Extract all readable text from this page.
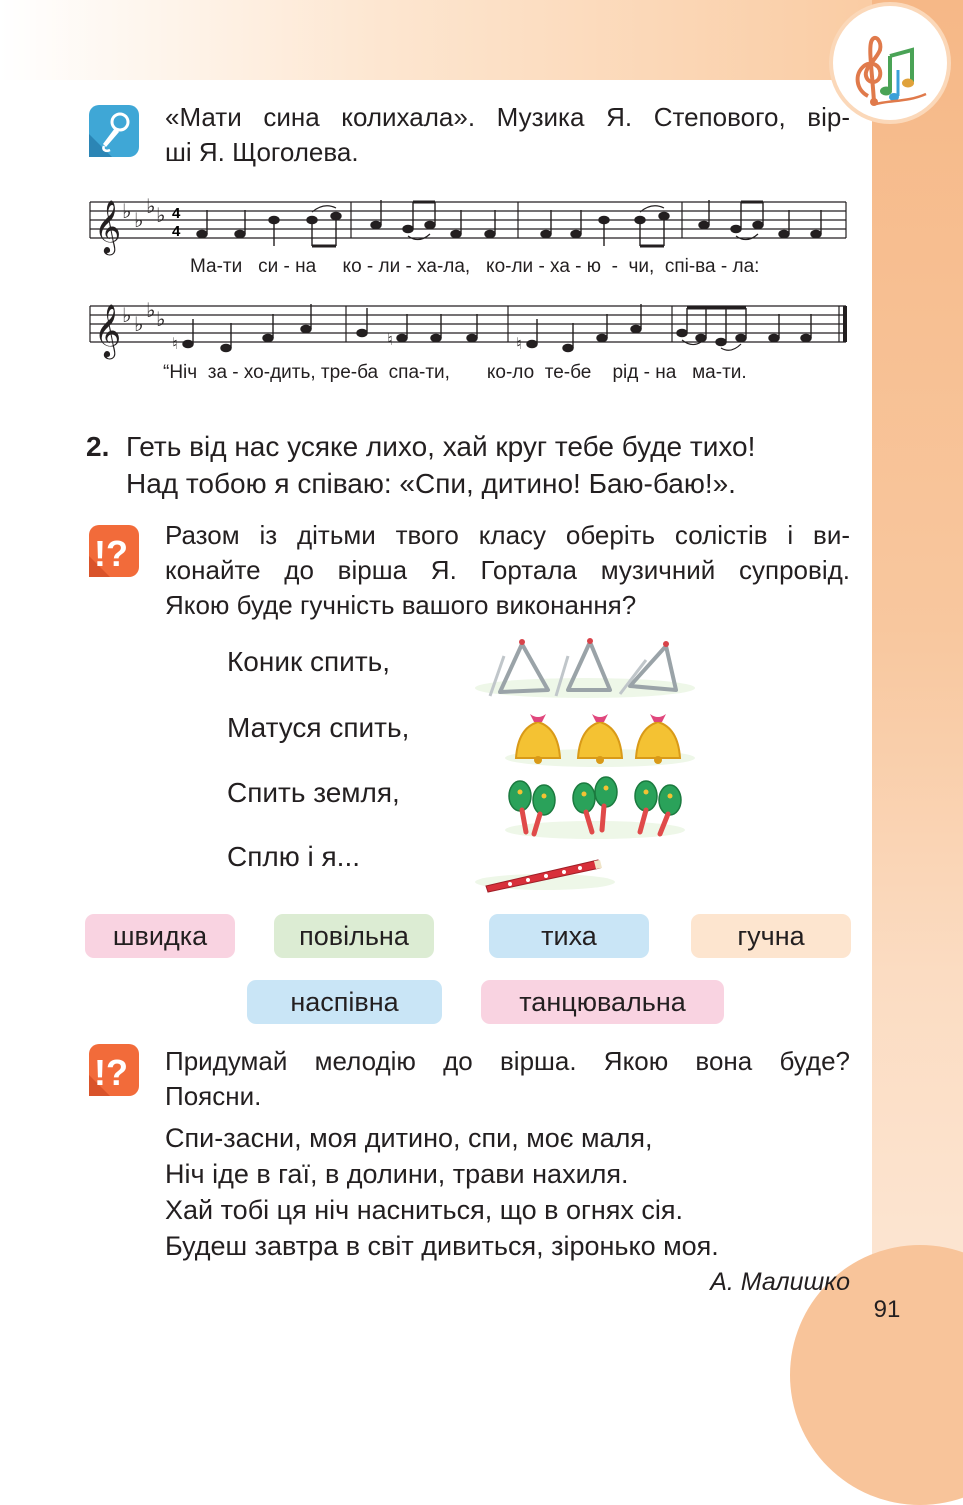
91
«Мати сина колихала». Музика Я. Степового, вір-
ші Я. Щоголева.
𝄞 ♭ ♭
♭ ♭ 4
4
Ма-ти   си - на     ко - ли - ха-ла,   ко-ли - ха - ю  -  чи,  спі-ва - ла:
𝄞 ♭ ♭
♭ ♭
♮	♮	♮
“Ніч  за - хо-дить, тре-ба  спа-ти,       ко-ло  те-бе    рід - на   ма-ти.
2. Геть від нас усяке лихо, хай круг тебе буде тихо!
Над тобою я співаю: «Спи, дитино! Баю-баю!».
!? Разом із дітьми твого класу оберіть солістів і ви-
конайте до вірша Я. Гортала музичний супровід.
Якою буде гучність вашого виконання?
Коник спить,
Матуся спить,
Спить земля,
Сплю і я...
швидка	повільна	тиха	гучна
наспівна	танцювальна
!? Придумай мелодію до вірша. Якою вона буде?
Поясни.
Спи-засни, моя дитино, спи, моє маля,
Ніч іде в гаї, в долини, трави нахиля.
Хай тобі ця ніч насниться, що в огнях сія.
Будеш завтра в світ дивиться, зіронько моя.
А. Малишко
